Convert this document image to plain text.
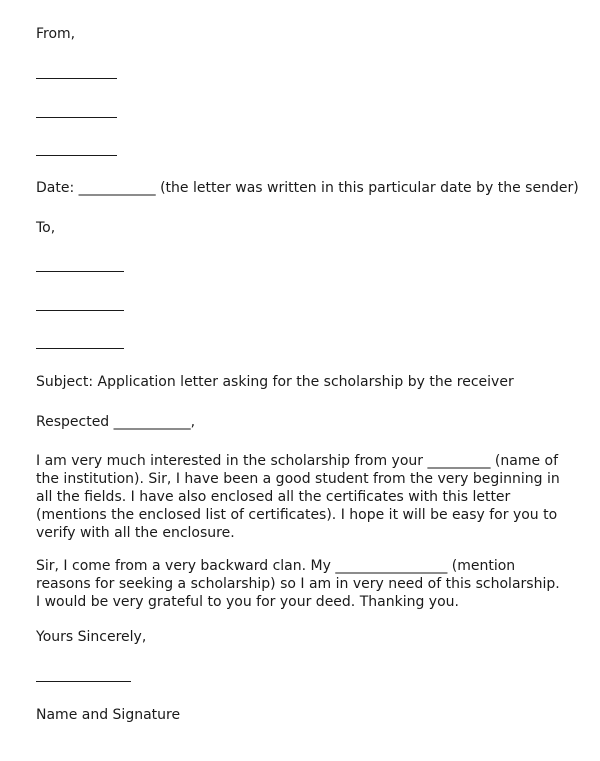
From,

Date: ___________ (the letter was written in this particular date by the sender)

To,

Subject: Application letter asking for the scholarship by the receiver

Respected ___________,

I am very much interested in the scholarship from your _________ (name of the institution). Sir, I have been a good student from the very beginning in all the fields. I have also enclosed all the certificates with this letter (mentions the enclosed list of certificates). I hope it will be easy for you to verify with all the enclosure.

Sir, I come from a very backward clan. My ________________ (mention reasons for seeking a scholarship) so I am in very need of this scholarship. I would be very grateful to you for your deed. Thanking you.

Yours Sincerely,

Name and Signature
